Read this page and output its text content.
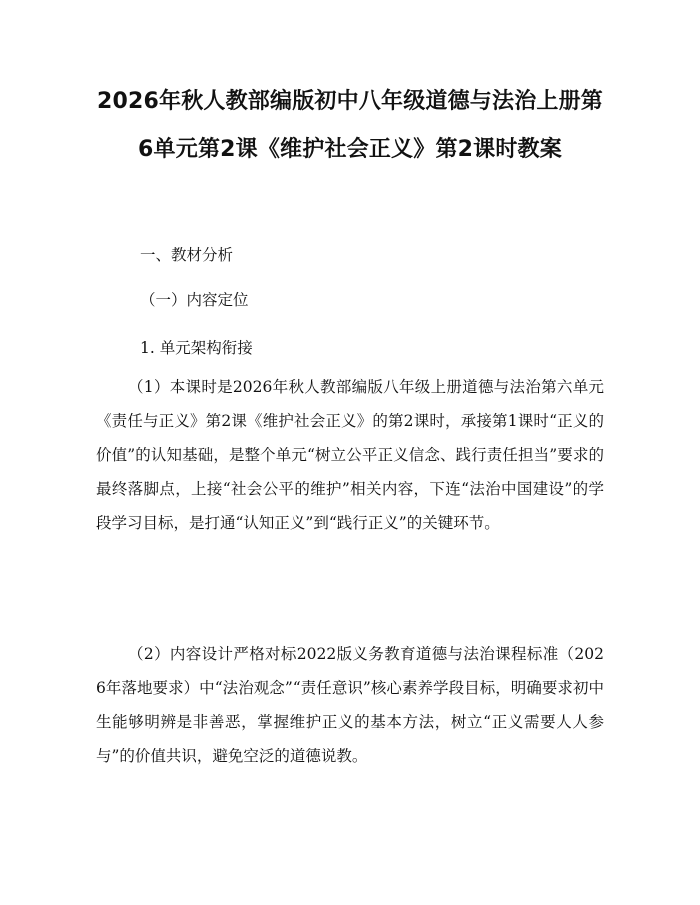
2026年秋人教部编版初中八年级道德与法治上册第6单元第2课《维护社会正义》第2课时教案

一、教材分析

（一）内容定位

1. 单元架构衔接

（1）本课时是2026年秋人教部编版八年级上册道德与法治第六单元《责任与正义》第2课《维护社会正义》的第2课时，承接第1课时“正义的价值”的认知基础，是整个单元“树立公平正义信念、践行责任担当”要求的最终落脚点，上接“社会公平的维护”相关内容，下连“法治中国建设”的学段学习目标，是打通“认知正义”到“践行正义”的关键环节。

（2）内容设计严格对标2022版义务教育道德与法治课程标准（2026年落地要求）中“法治观念”“责任意识”核心素养学段目标，明确要求初中生能够明辨是非善恶，掌握维护正义的基本方法，树立“正义需要人人参与”的价值共识，避免空泛的道德说教。
